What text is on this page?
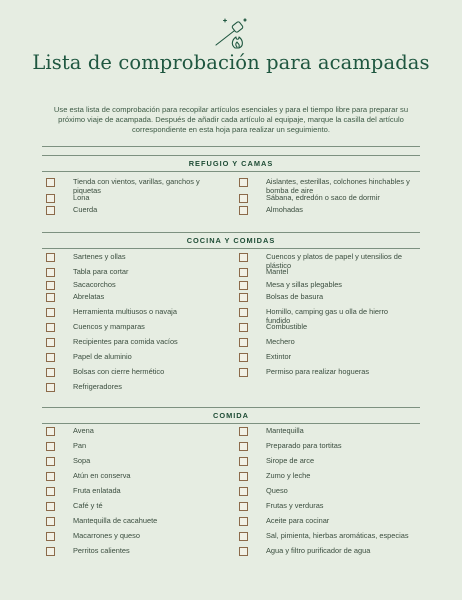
Lista de comprobación para acampadas
Use esta lista de comprobación para recopilar artículos esenciales y para el tiempo libre para preparar su próximo viaje de acampada. Después de añadir cada artículo al equipaje, marque la casilla del artículo correspondiente en esta hoja para realizar un seguimiento.
REFUGIO Y CAMAS
Tienda con vientos, varillas, ganchos y piquetas
Lona
Cuerda
Aislantes, esterillas, colchones hinchables y bomba de aire
Sábana, edredón o saco de dormir
Almohadas
COCINA Y COMIDAS
Sartenes y ollas
Tabla para cortar
Sacacorchos
Abrelatas
Herramienta multiusos o navaja
Cuencos y mamparas
Recipientes para comida vacíos
Papel de aluminio
Bolsas con cierre hermético
Refrigeradores
Cuencos y platos de papel y utensilios de plástico
Mantel
Mesa y sillas plegables
Bolsas de basura
Hornillo, camping gas u olla de hierro fundido
Combustible
Mechero
Extintor
Permiso para realizar hogueras
COMIDA
Avena
Pan
Sopa
Atún en conserva
Fruta enlatada
Café y té
Mantequilla de cacahuete
Macarrones y queso
Perritos calientes
Mantequilla
Preparado para tortitas
Sirope de arce
Zumo y leche
Queso
Frutas y verduras
Aceite para cocinar
Sal, pimienta, hierbas aromáticas, especias
Agua y filtro purificador de agua
